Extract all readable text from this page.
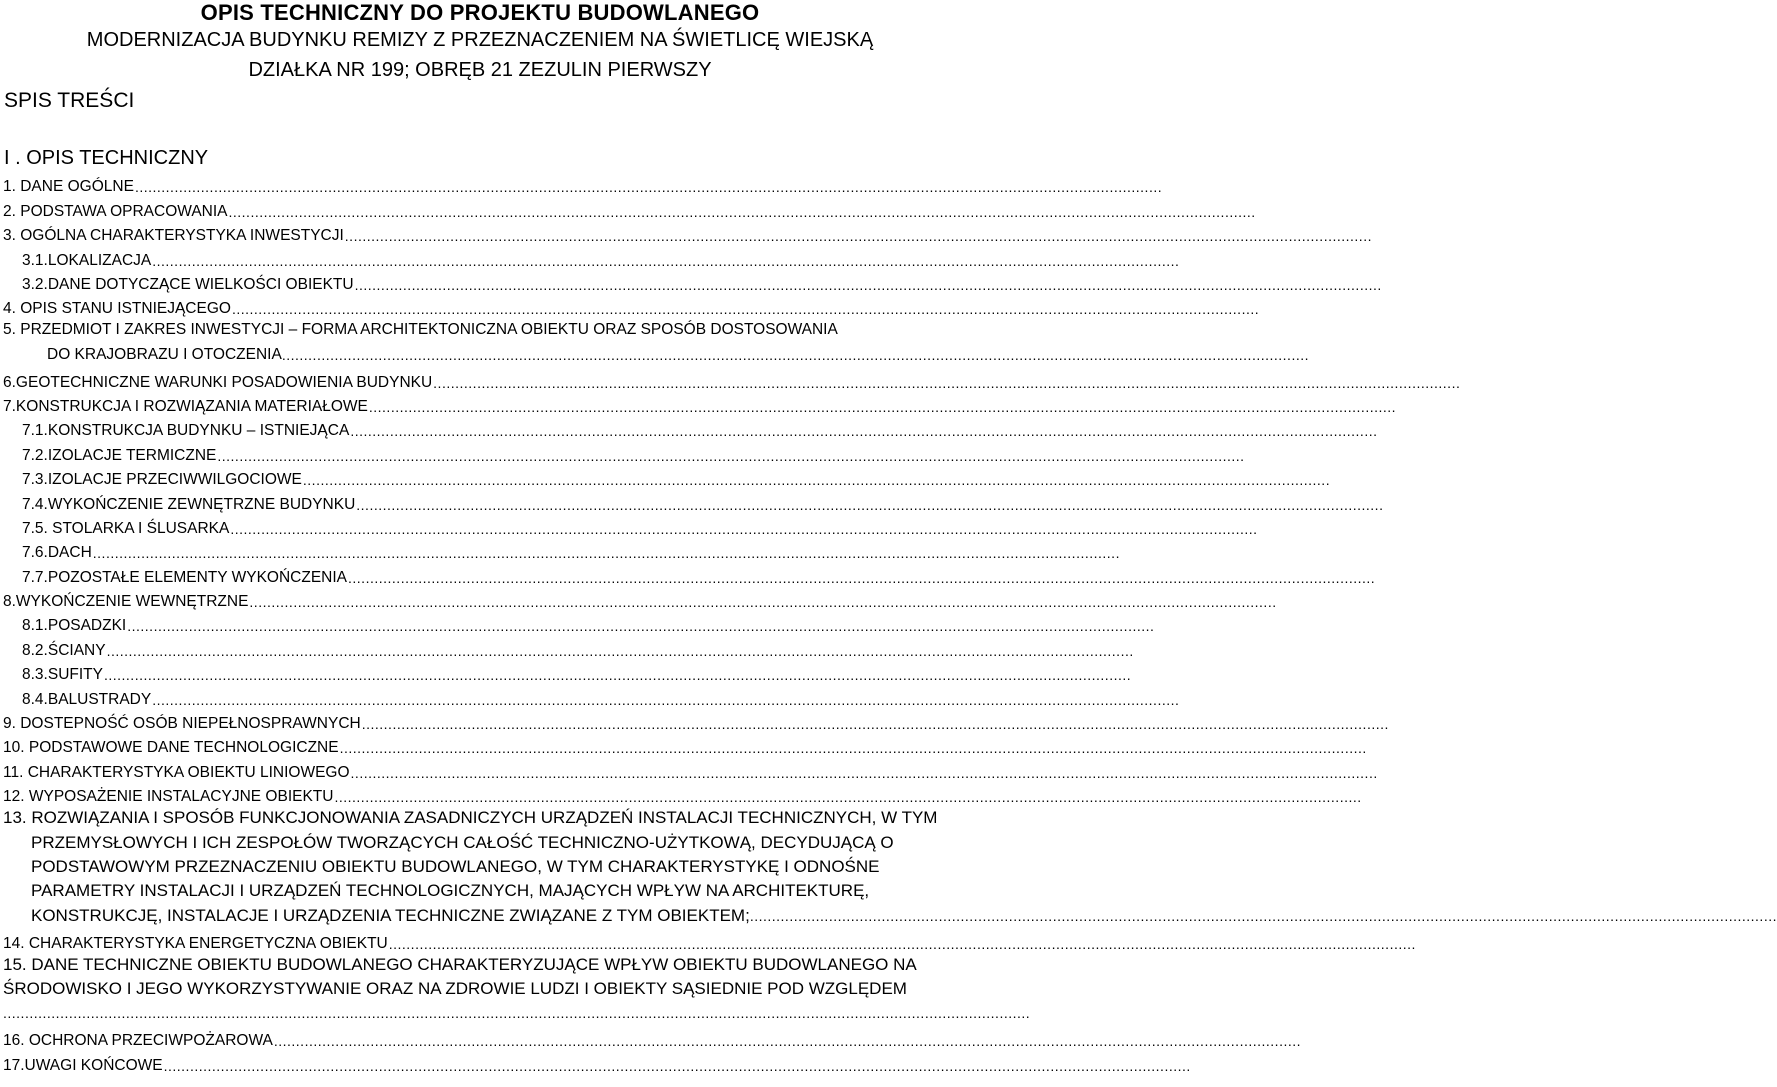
OPIS TECHNICZNY DO PROJEKTU BUDOWLANEGO
MODERNIZACJA BUDYNKU REMIZY Z PRZEZNACZENIEM NA ŚWIETLICĘ WIEJSKĄ
DZIAŁKA NR 199; OBRĘB 21 ZEZULIN PIERWSZY
SPIS TREŚCI
I . OPIS TECHNICZNY
1. DANE OGÓLNE ..........................................................................................................................................................................................................................................
2. PODSTAWA OPRACOWANIA ..........................................................................................................................................................................................................................................
3. OGÓLNA CHARAKTERYSTYKA INWESTYCJI ..........................................................................................................................................................................................................................................
3.1.LOKALIZACJA ..........................................................................................................................................................................................................................................
3.2.DANE DOTYCZĄCE WIELKOŚCI OBIEKTU ..........................................................................................................................................................................................................................................
4. OPIS STANU ISTNIEJĄCEGO ..........................................................................................................................................................................................................................................
5. PRZEDMIOT I ZAKRES INWESTYCJI – FORMA ARCHITEKTONICZNA OBIEKTU ORAZ SPOSÓB DOSTOSOWANIA
DO KRAJOBRAZU I OTOCZENIA ..........................................................................................................................................................................................................................................
6.GEOTECHNICZNE WARUNKI POSADOWIENIA BUDYNKU ..........................................................................................................................................................................................................................................
7.KONSTRUKCJA I ROZWIĄZANIA MATERIAŁOWE ..........................................................................................................................................................................................................................................
7.1.KONSTRUKCJA BUDYNKU – ISTNIEJĄCA ..........................................................................................................................................................................................................................................
7.2.IZOLACJE TERMICZNE ..........................................................................................................................................................................................................................................
7.3.IZOLACJE PRZECIWWILGOCIOWE ..........................................................................................................................................................................................................................................
7.4.WYKOŃCZENIE ZEWNĘTRZNE BUDYNKU ..........................................................................................................................................................................................................................................
7.5. STOLARKA I ŚLUSARKA ..........................................................................................................................................................................................................................................
7.6.DACH ..........................................................................................................................................................................................................................................
7.7.POZOSTAŁE ELEMENTY WYKOŃCZENIA ..........................................................................................................................................................................................................................................
8.WYKOŃCZENIE WEWNĘTRZNE ..........................................................................................................................................................................................................................................
8.1.POSADZKI ..........................................................................................................................................................................................................................................
8.2.ŚCIANY ..........................................................................................................................................................................................................................................
8.3.SUFITY ..........................................................................................................................................................................................................................................
8.4.BALUSTRADY ..........................................................................................................................................................................................................................................
9. DOSTEPNOŚĆ OSÓB NIEPEŁNOSPRAWNYCH ..........................................................................................................................................................................................................................................
10. PODSTAWOWE DANE TECHNOLOGICZNE ..........................................................................................................................................................................................................................................
11. CHARAKTERYSTYKA OBIEKTU LINIOWEGO ..........................................................................................................................................................................................................................................
12. WYPOSAŻENIE INSTALACYJNE OBIEKTU ..........................................................................................................................................................................................................................................
13. ROZWIĄZANIA I SPOSÓB FUNKCJONOWANIA ZASADNICZYCH URZĄDZEŃ INSTALACJI TECHNICZNYCH, W TYM
PRZEMYSŁOWYCH I ICH ZESPOŁÓW TWORZĄCYCH CAŁOŚĆ TECHNICZNO-UŻYTKOWĄ, DECYDUJĄCĄ O
PODSTAWOWYM PRZEZNACZENIU OBIEKTU BUDOWLANEGO, W TYM CHARAKTERYSTYKĘ I ODNOŚNE
PARAMETRY INSTALACJI I URZĄDZEŃ TECHNOLOGICZNYCH, MAJĄCYCH WPŁYW NA ARCHITEKTURĘ,
KONSTRUKCJĘ, INSTALACJE I URZĄDZENIA TECHNICZNE ZWIĄZANE Z TYM OBIEKTEM; ..........................................................................................................................................................................................................................................
14. CHARAKTERYSTYKA ENERGETYCZNA OBIEKTU ..........................................................................................................................................................................................................................................
15. DANE TECHNICZNE OBIEKTU BUDOWLANEGO CHARAKTERYZUJĄCE WPŁYW OBIEKTU BUDOWLANEGO NA
ŚRODOWISKO I JEGO WYKORZYSTYWANIE ORAZ NA ZDROWIE LUDZI I OBIEKTY SĄSIEDNIE POD WZGLĘDEM
..........................................................................................................................................................................................................................................
16. OCHRONA PRZECIWPOŻAROWA ..........................................................................................................................................................................................................................................
17.UWAGI KOŃCOWE ..........................................................................................................................................................................................................................................
